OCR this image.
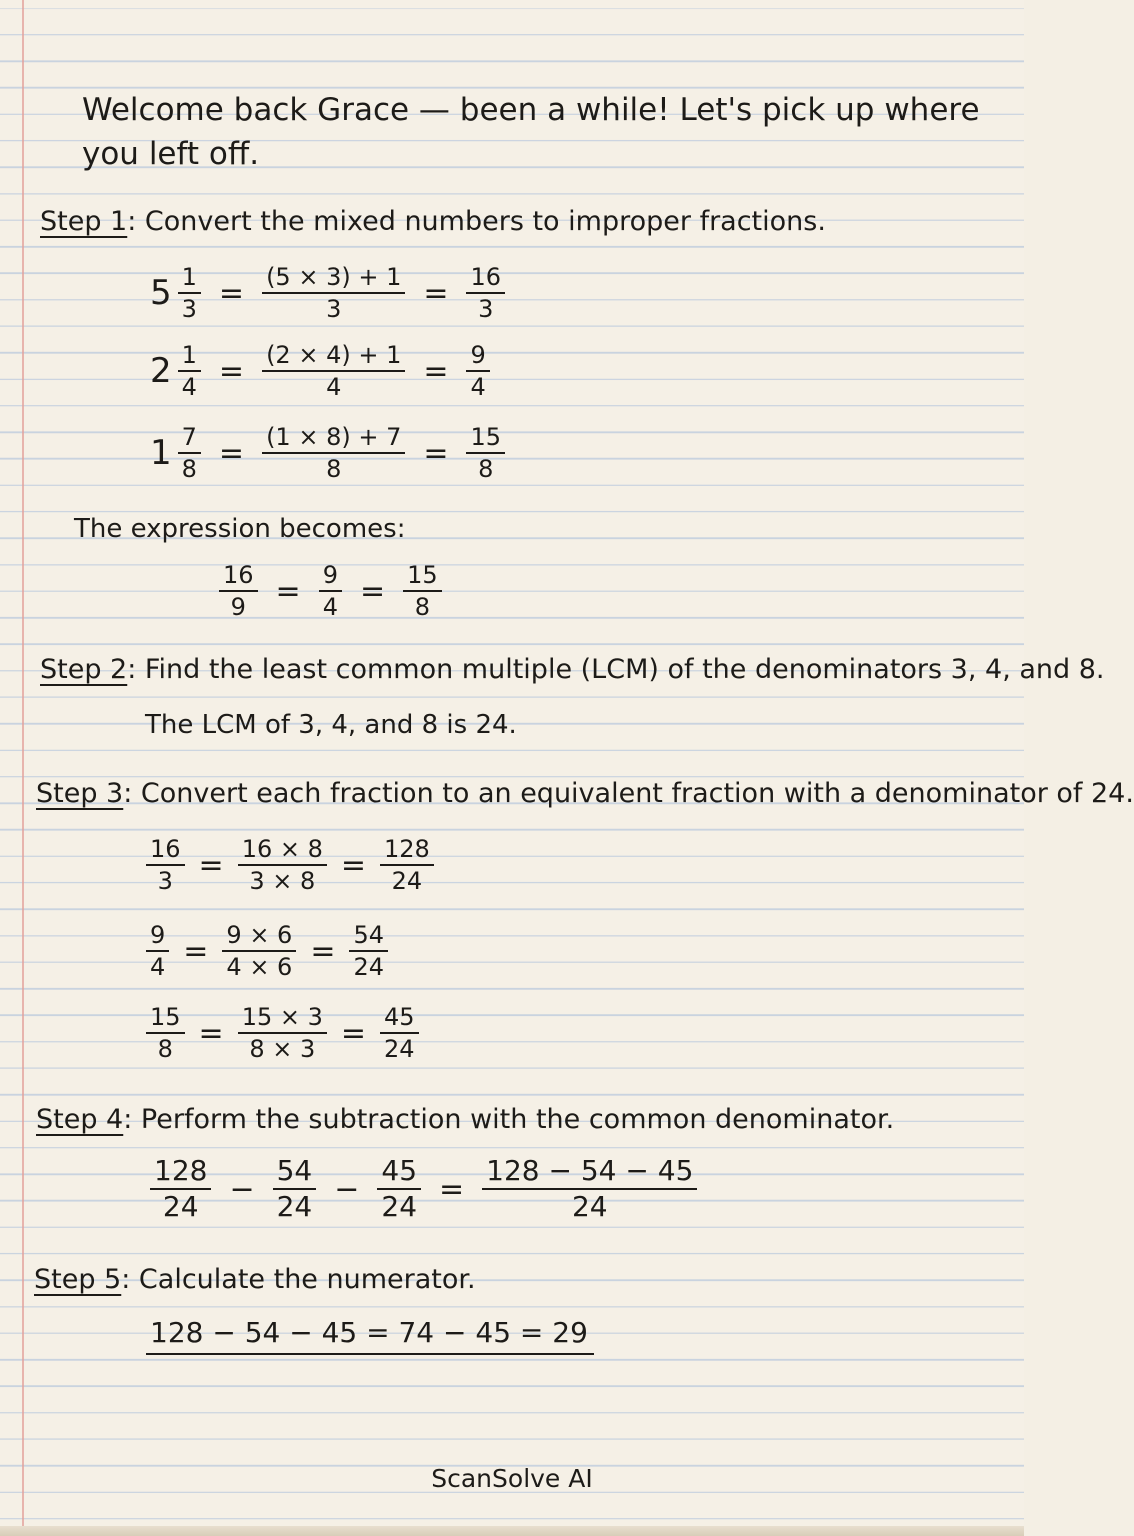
Welcome back Grace — been a while! Let's pick up where you left off.
Step 1: Convert the mixed numbers to improper fractions.
$5 \frac{1}{3} = \frac{(5 \times 3) + 1}{3} = \frac{16}{3}$
$2 \frac{1}{4} = \frac{(2 \times 4) + 1}{4} = \frac{9}{4}$
$1 \frac{7}{8} = \frac{(1 \times 8) + 7}{8} = \frac{15}{8}$
The expression becomes:
$\frac{16}{9} = \frac{9}{4} = \frac{15}{8}$
Step 2: Find the least common multiple (LCM) of the denominators 3, 4, and 8.
The LCM of 3, 4, and 8 is 24.
Step 3: Convert each fraction to an equivalent fraction with a denominator of 24.
$\frac{16}{3} = \frac{16 \times 8}{3 \times 8} = \frac{128}{24}$
$\frac{9}{4} = \frac{9 \times 6}{4 \times 6} = \frac{54}{24}$
$\frac{15}{8} = \frac{15 \times 3}{8 \times 3} = \frac{45}{24}$
Step 4: Perform the subtraction with the common denominator.
$\frac{128}{24} - \frac{54}{24} - \frac{45}{24} = \frac{128 - 54 - 45}{24}$
Step 5: Calculate the numerator.
128 − 54 − 45 = 74 − 45 = 29
ScanSolve AI
